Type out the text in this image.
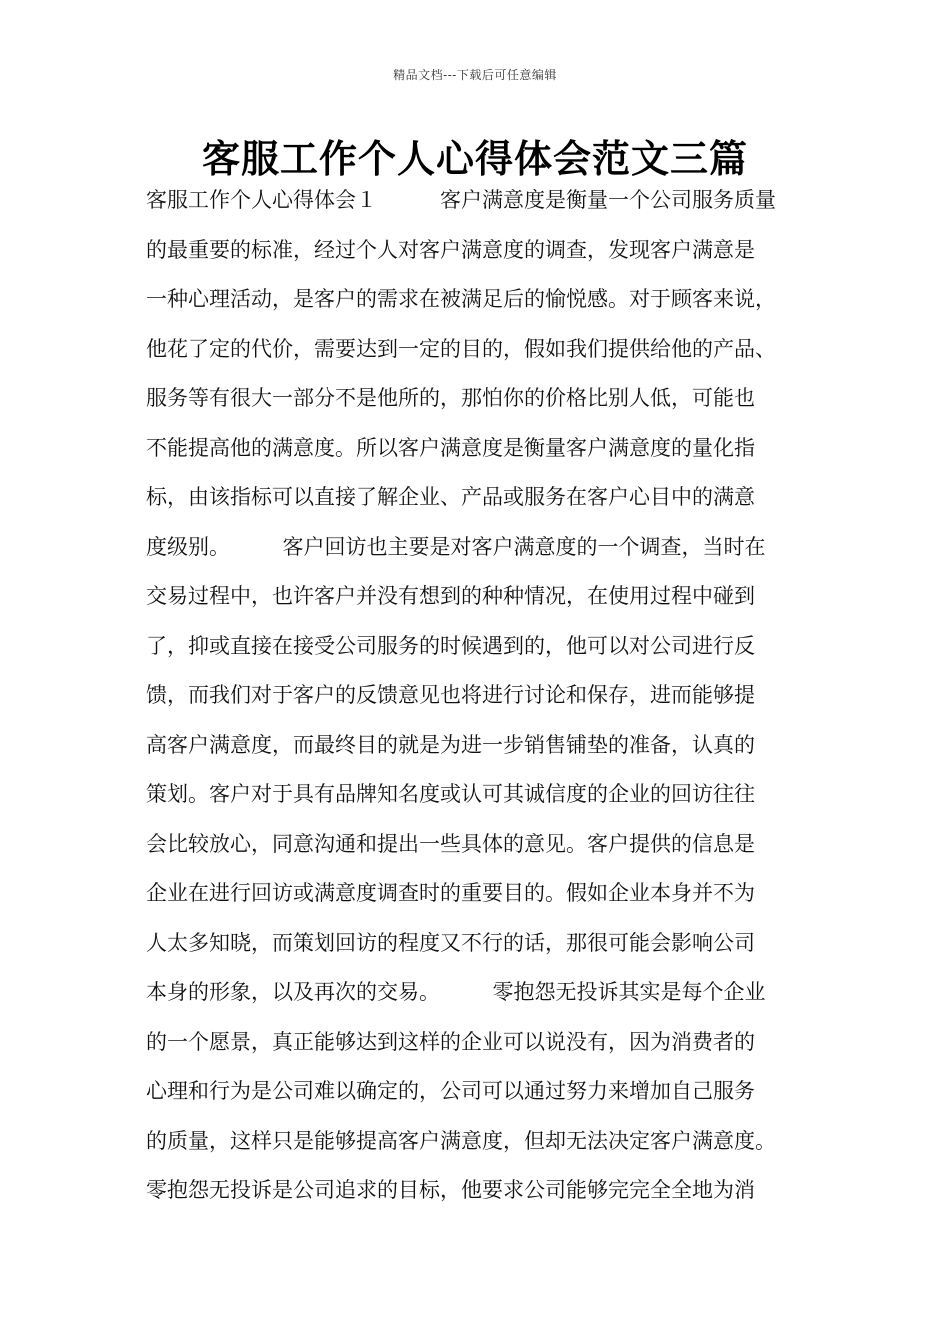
精品文档---下载后可任意编辑
客服工作个人心得体会范文三篇
客服工作个人心得体会１　　　客户满意度是衡量一个公司服务质量
的最重要的标准，经过个人对客户满意度的调查，发现客户满意是
一种心理活动，是客户的需求在被满足后的愉悦感。对于顾客来说，
他花了定的代价，需要达到一定的目的，假如我们提供给他的产品、
服务等有很大一部分不是他所的，那怕你的价格比别人低，可能也
不能提高他的满意度。所以客户满意度是衡量客户满意度的量化指
标，由该指标可以直接了解企业、产品或服务在客户心目中的满意
度级别。　　　客户回访也主要是对客户满意度的一个调查，当时在
交易过程中，也许客户并没有想到的种种情况，在使用过程中碰到
了，抑或直接在接受公司服务的时候遇到的，他可以对公司进行反
馈，而我们对于客户的反馈意见也将进行讨论和保存，进而能够提
高客户满意度，而最终目的就是为进一步销售铺垫的准备，认真的
策划。客户对于具有品牌知名度或认可其诚信度的企业的回访往往
会比较放心，同意沟通和提出一些具体的意见。客户提供的信息是
企业在进行回访或满意度调查时的重要目的。假如企业本身并不为
人太多知晓，而策划回访的程度又不行的话，那很可能会影响公司
本身的形象，以及再次的交易。　　　零抱怨无投诉其实是每个企业
的一个愿景，真正能够达到这样的企业可以说没有，因为消费者的
心理和行为是公司难以确定的，公司可以通过努力来增加自己服务
的质量，这样只是能够提高客户满意度，但却无法决定客户满意度。
零抱怨无投诉是公司追求的目标，他要求公司能够完完全全地为消
